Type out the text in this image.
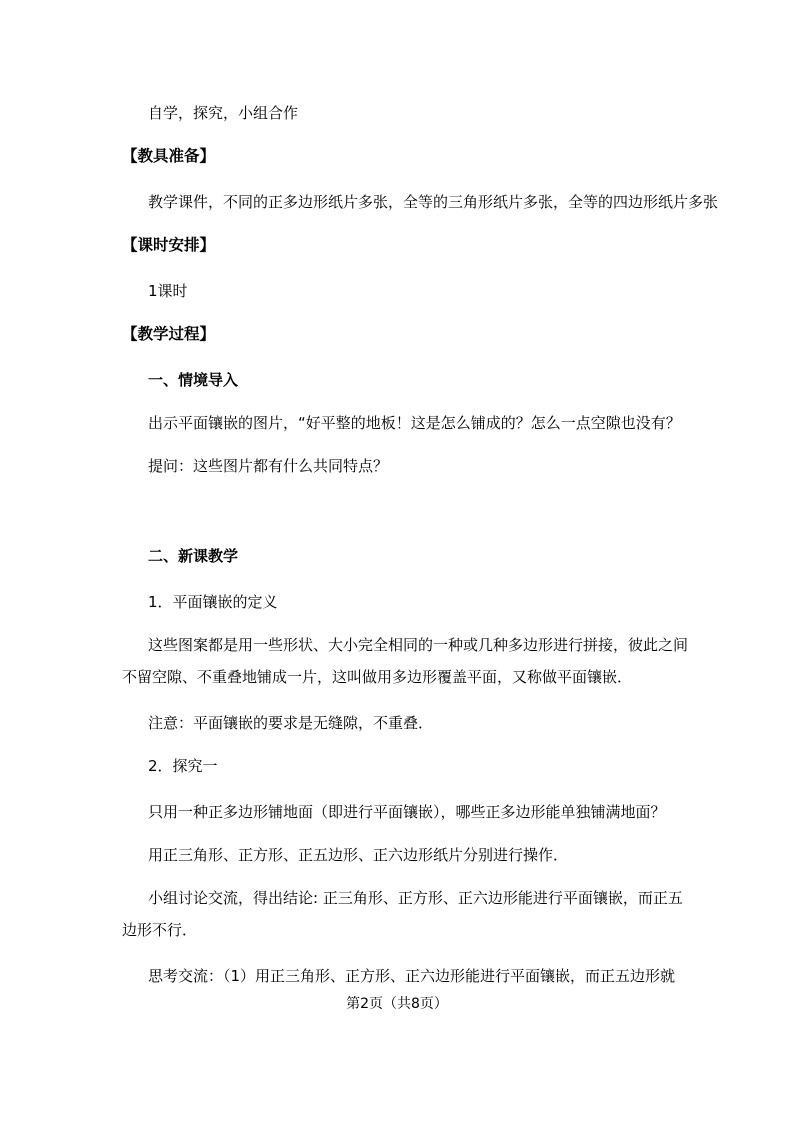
自学，探究，小组合作
【教具准备】
教学课件，不同的正多边形纸片多张，全等的三角形纸片多张，全等的四边形纸片多张
【课时安排】
1课时
【教学过程】
一、情境导入
出示平面镶嵌的图片，“好平整的地板！这是怎么铺成的？怎么一点空隙也没有？
提问：这些图片都有什么共同特点？
二、新课教学
1．平面镶嵌的定义
这些图案都是用一些形状、大小完全相同的一种或几种多边形进行拼接，彼此之间
不留空隙、不重叠地铺成一片，这叫做用多边形覆盖平面，又称做平面镶嵌．
注意：平面镶嵌的要求是无缝隙，不重叠．
2．探究一
只用一种正多边形铺地面（即进行平面镶嵌），哪些正多边形能单独铺满地面？
用正三角形、正方形、正五边形、正六边形纸片分别进行操作．
小组讨论交流，得出结论: 正三角形、正方形、正六边形能进行平面镶嵌，而正五
边形不行．
思考交流：（1）用正三角形、正方形、正六边形能进行平面镶嵌，而正五边形就
第2页（共8页）
